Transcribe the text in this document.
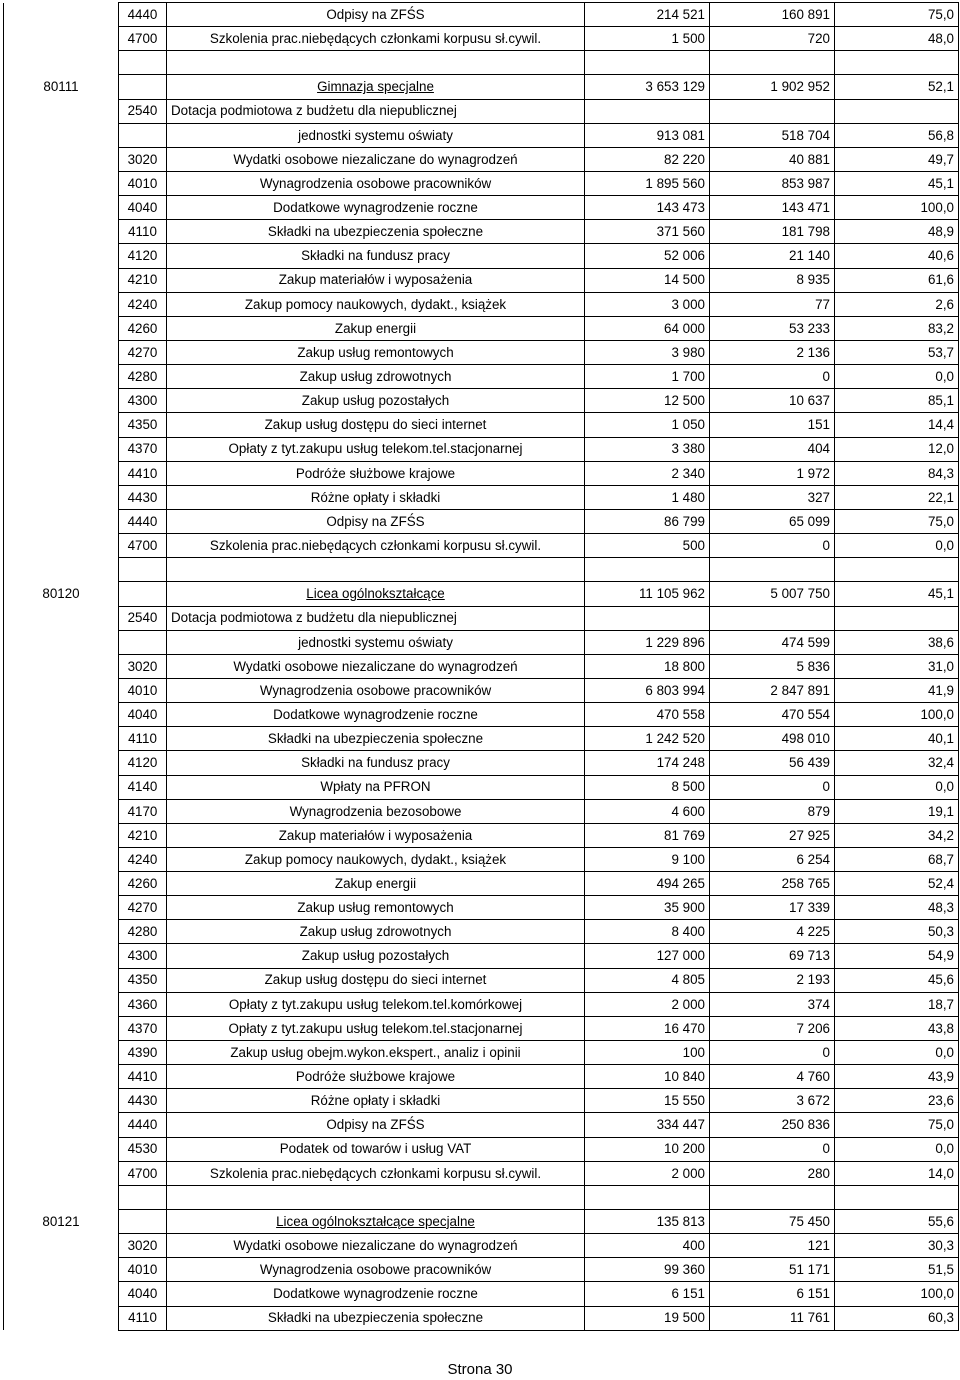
	4440	Odpisy na ZFŚS	214 521	160 891	75,0
	4700	Szkolenia prac.niebędących członkami korpusu sł.cywil.	1 500	720	48,0

80111		Gimnazja specjalne	3 653 129	1 902 952	52,1
	2540	Dotacja podmiotowa z budżetu dla niepublicznej			
		jednostki systemu oświaty	913 081	518 704	56,8
	3020	Wydatki osobowe niezaliczane do wynagrodzeń	82 220	40 881	49,7
	4010	Wynagrodzenia osobowe pracowników	1 895 560	853 987	45,1
	4040	Dodatkowe wynagrodzenie roczne	143 473	143 471	100,0
	4110	Składki na ubezpieczenia społeczne	371 560	181 798	48,9
	4120	Składki na fundusz pracy	52 006	21 140	40,6
	4210	Zakup materiałów i wyposażenia	14 500	8 935	61,6
	4240	Zakup pomocy naukowych, dydakt., książek	3 000	77	2,6
	4260	Zakup energii	64 000	53 233	83,2
	4270	Zakup usług remontowych	3 980	2 136	53,7
	4280	Zakup usług zdrowotnych	1 700	0	0,0
	4300	Zakup usług pozostałych	12 500	10 637	85,1
	4350	Zakup usług dostępu do sieci internet	1 050	151	14,4
	4370	Opłaty z tyt.zakupu usług telekom.tel.stacjonarnej	3 380	404	12,0
	4410	Podróże służbowe krajowe	2 340	1 972	84,3
	4430	Różne opłaty i składki	1 480	327	22,1
	4440	Odpisy na ZFŚS	86 799	65 099	75,0
	4700	Szkolenia prac.niebędących członkami korpusu sł.cywil.	500	0	0,0

80120		Licea ogólnokształcące	11 105 962	5 007 750	45,1
	2540	Dotacja podmiotowa z budżetu dla niepublicznej			
		jednostki systemu oświaty	1 229 896	474 599	38,6
	3020	Wydatki osobowe niezaliczane do wynagrodzeń	18 800	5 836	31,0
	4010	Wynagrodzenia osobowe pracowników	6 803 994	2 847 891	41,9
	4040	Dodatkowe wynagrodzenie roczne	470 558	470 554	100,0
	4110	Składki na ubezpieczenia społeczne	1 242 520	498 010	40,1
	4120	Składki na fundusz pracy	174 248	56 439	32,4
	4140	Wpłaty na PFRON	8 500	0	0,0
	4170	Wynagrodzenia bezosobowe	4 600	879	19,1
	4210	Zakup materiałów i wyposażenia	81 769	27 925	34,2
	4240	Zakup pomocy naukowych, dydakt., książek	9 100	6 254	68,7
	4260	Zakup energii	494 265	258 765	52,4
	4270	Zakup usług remontowych	35 900	17 339	48,3
	4280	Zakup usług zdrowotnych	8 400	4 225	50,3
	4300	Zakup usług pozostałych	127 000	69 713	54,9
	4350	Zakup usług dostępu do sieci internet	4 805	2 193	45,6
	4360	Opłaty z tyt.zakupu usług telekom.tel.komórkowej	2 000	374	18,7
	4370	Opłaty z tyt.zakupu usług telekom.tel.stacjonarnej	16 470	7 206	43,8
	4390	Zakup usług obejm.wykon.ekspert., analiz i opinii	100	0	0,0
	4410	Podróże służbowe krajowe	10 840	4 760	43,9
	4430	Różne opłaty i składki	15 550	3 672	23,6
	4440	Odpisy na ZFŚS	334 447	250 836	75,0
	4530	Podatek od towarów i usług VAT	10 200	0	0,0
	4700	Szkolenia prac.niebędących członkami korpusu sł.cywil.	2 000	280	14,0

80121		Licea ogólnokształcące specjalne	135 813	75 450	55,6
	3020	Wydatki osobowe niezaliczane do wynagrodzeń	400	121	30,3
	4010	Wynagrodzenia osobowe pracowników	99 360	51 171	51,5
	4040	Dodatkowe wynagrodzenie roczne	6 151	6 151	100,0
	4110	Składki na ubezpieczenia społeczne	19 500	11 761	60,3
Strona 30
